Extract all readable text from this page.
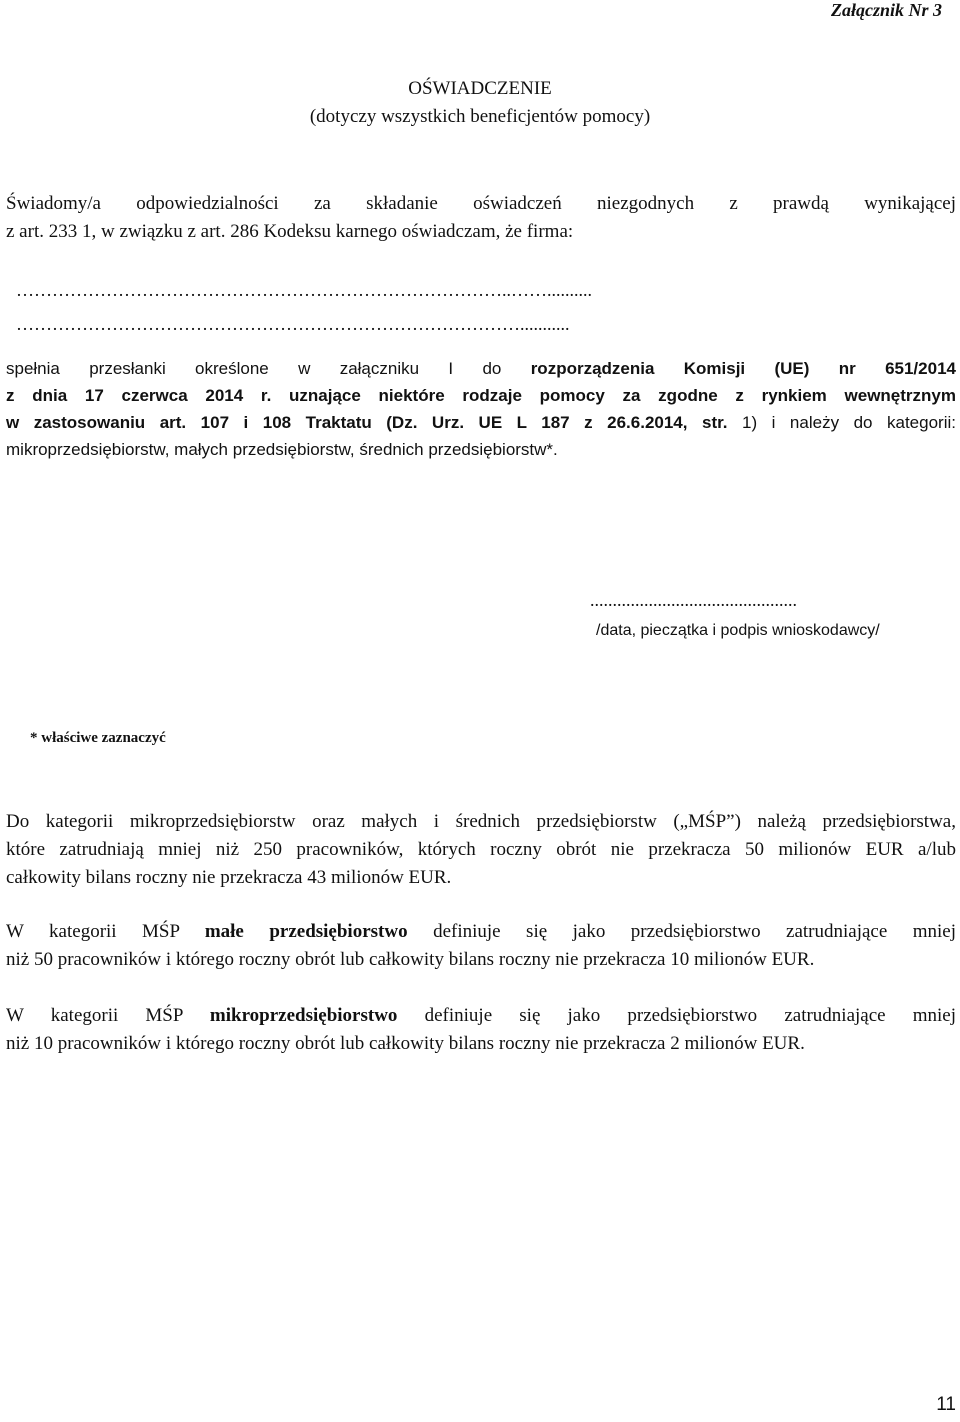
Załącznik Nr 3
OŚWIADCZENIE
(dotyczy wszystkich beneficjentów pomocy)
Świadomy/a odpowiedzialności za składanie oświadczeń niezgodnych z prawdą wynikającej
z art. 233 1, w związku z art. 286 Kodeksu karnego oświadczam, że firma:
………………………………………………………………………..……..........
…………………………………………………………………………...........
spełnia przesłanki określone w załączniku I do rozporządzenia Komisji (UE) nr 651/2014
z dnia 17 czerwca 2014 r. uznające niektóre rodzaje pomocy za zgodne z rynkiem wewnętrznym
w zastosowaniu art. 107 i 108 Traktatu (Dz. Urz. UE L 187 z 26.6.2014, str. 1) i należy do kategorii:
mikroprzedsiębiorstw, małych przedsiębiorstw, średnich przedsiębiorstw*.
..............................................
/data, pieczątka i podpis wnioskodawcy/
* właściwe zaznaczyć
Do kategorii mikroprzedsiębiorstw oraz małych i średnich przedsiębiorstw („MŚP”) należą przedsiębiorstwa,
które zatrudniają mniej niż 250 pracowników, których roczny obrót nie przekracza 50 milionów EUR a/lub
całkowity bilans roczny nie przekracza 43 milionów EUR.
W kategorii MŚP małe przedsiębiorstwo definiuje się jako przedsiębiorstwo zatrudniające mniej
niż 50 pracowników i którego roczny obrót lub całkowity bilans roczny nie przekracza 10 milionów EUR.
W kategorii MŚP mikroprzedsiębiorstwo definiuje się jako przedsiębiorstwo zatrudniające mniej
niż 10 pracowników i którego roczny obrót lub całkowity bilans roczny nie przekracza 2 milionów EUR.
11
